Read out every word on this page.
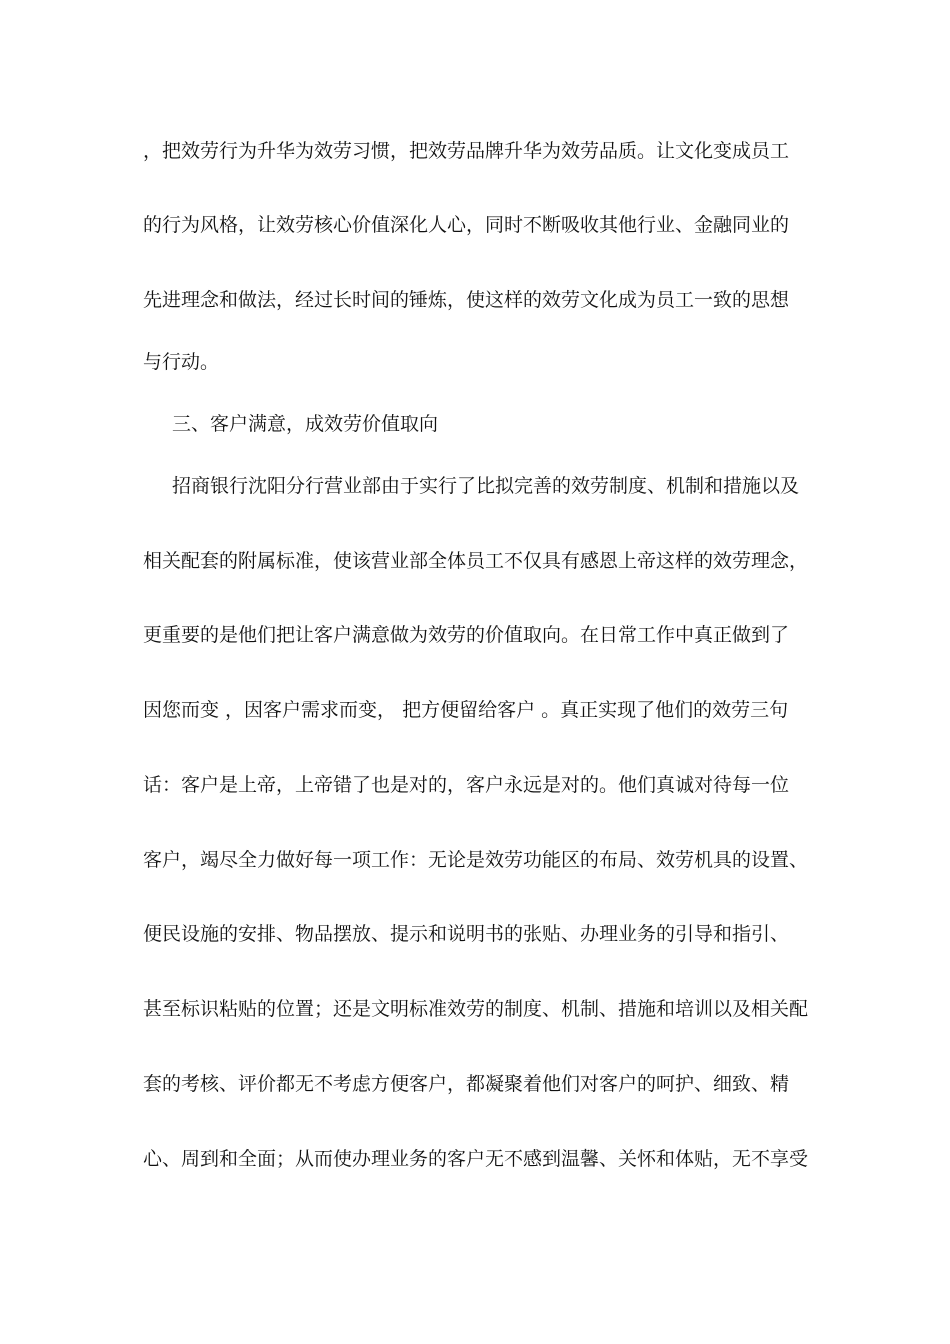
，把效劳行为升华为效劳习惯，把效劳品牌升华为效劳品质。让文化变成员工
的行为风格，让效劳核心价值深化人心，同时不断吸收其他行业、金融同业的
先进理念和做法，经过长时间的锤炼，使这样的效劳文化成为员工一致的思想
与行动。
三、客户满意，成效劳价值取向
招商银行沈阳分行营业部由于实行了比拟完善的效劳制度、机制和措施以及
相关配套的附属标准，使该营业部全体员工不仅具有感恩上帝这样的效劳理念，
更重要的是他们把让客户满意做为效劳的价值取向。在日常工作中真正做到了
因您而变 ，因客户需求而变， 把方便留给客户 。真正实现了他们的效劳三句
话：客户是上帝，上帝错了也是对的，客户永远是对的。他们真诚对待每一位
客户，竭尽全力做好每一项工作：无论是效劳功能区的布局、效劳机具的设置、
便民设施的安排、物品摆放、提示和说明书的张贴、办理业务的引导和指引、
甚至标识粘贴的位置；还是文明标准效劳的制度、机制、措施和培训以及相关配
套的考核、评价都无不考虑方便客户，都凝聚着他们对客户的呵护、细致、精
心、周到和全面；从而使办理业务的客户无不感到温馨、关怀和体贴，无不享受
